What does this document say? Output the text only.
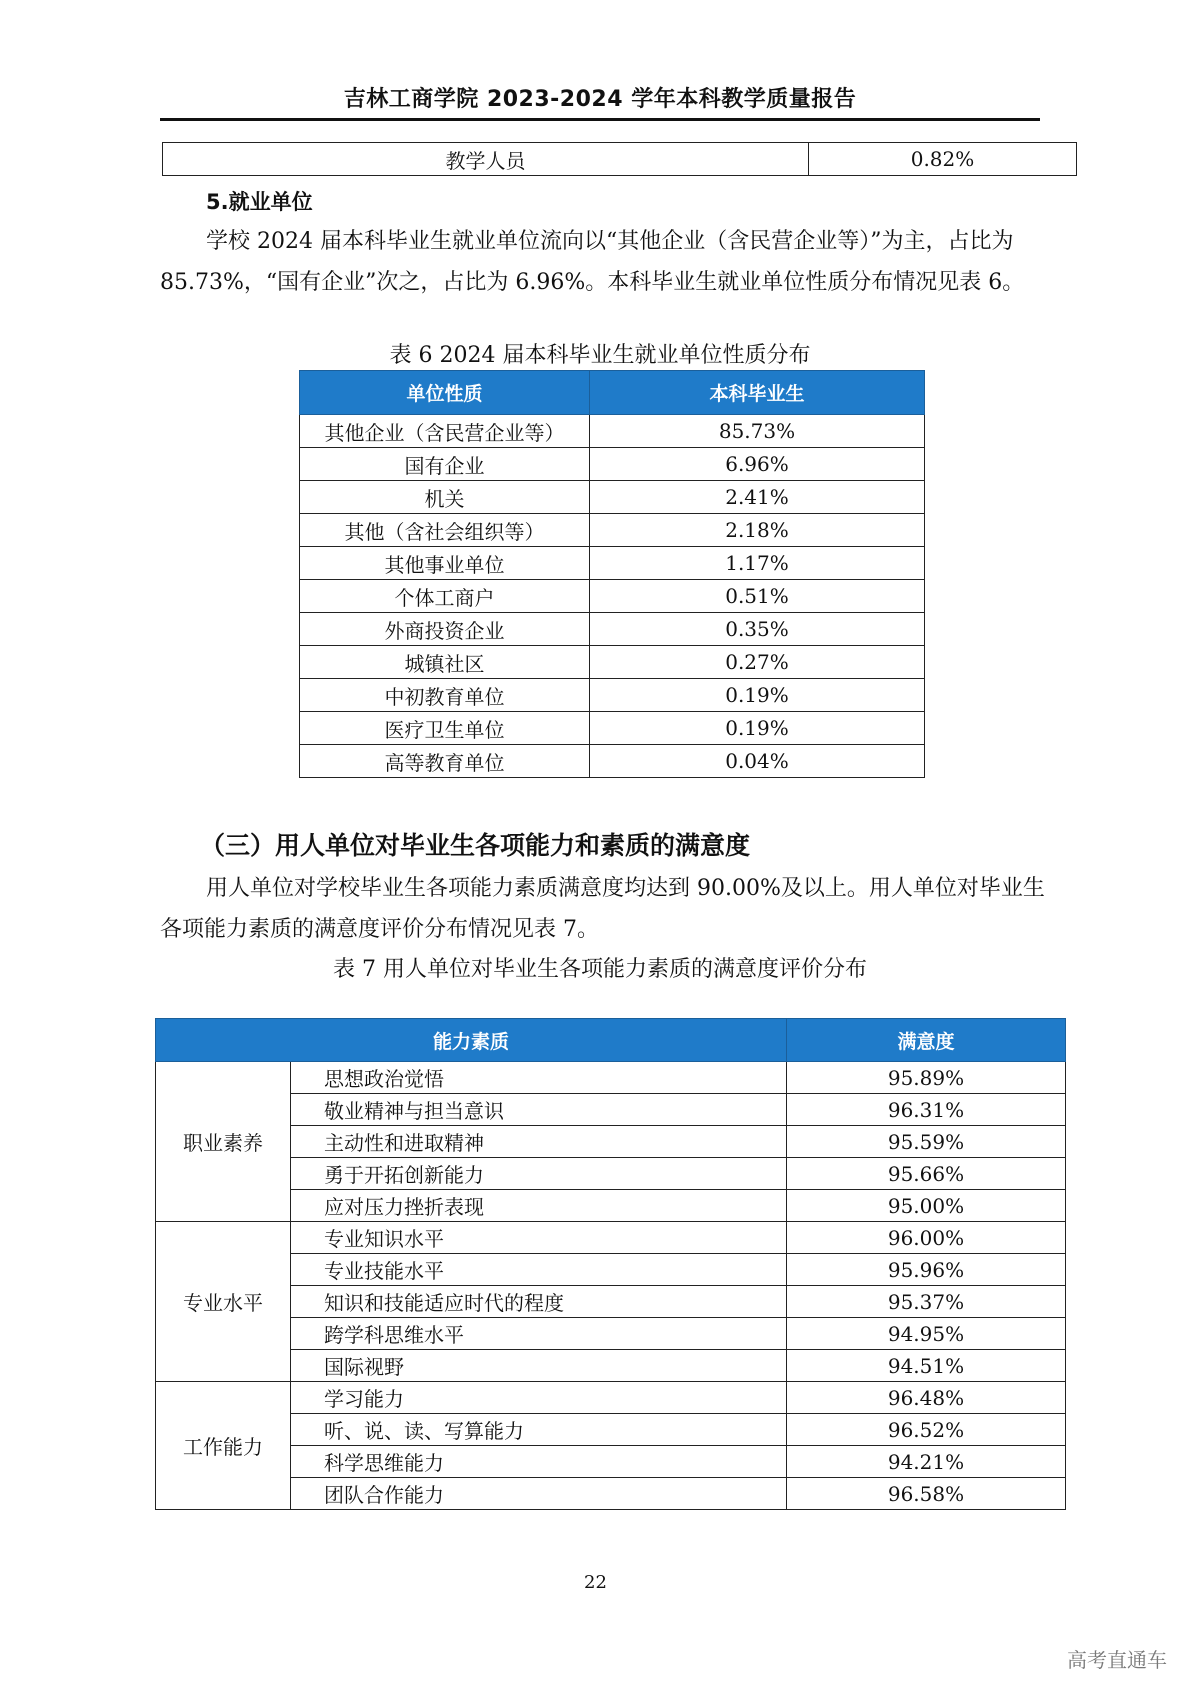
吉林工商学院 2023-2024 学年本科教学质量报告
教学人员	0.82%
5.就业单位

学校 2024 届本科毕业生就业单位流向以“其他企业（含民营企业等）”为主，占比为 85.73%，“国有企业”次之，占比为 6.96%。本科毕业生就业单位性质分布情况见表 6。

表 6 2024 届本科毕业生就业单位性质分布
单位性质	本科毕业生
其他企业（含民营企业等）	85.73%
国有企业	6.96%
机关	2.41%
其他（含社会组织等）	2.18%
其他事业单位	1.17%
个体工商户	0.51%
外商投资企业	0.35%
城镇社区	0.27%
中初教育单位	0.19%
医疗卫生单位	0.19%
高等教育单位	0.04%
（三）用人单位对毕业生各项能力和素质的满意度

用人单位对学校毕业生各项能力素质满意度均达到 90.00%及以上。用人单位对毕业生各项能力素质的满意度评价分布情况见表 7。

表 7 用人单位对毕业生各项能力素质的满意度评价分布
能力素质		满意度
职业素养	思想政治觉悟	95.89%
	敬业精神与担当意识	96.31%
	主动性和进取精神	95.59%
	勇于开拓创新能力	95.66%
	应对压力挫折表现	95.00%
专业水平	专业知识水平	96.00%
	专业技能水平	95.96%
	知识和技能适应时代的程度	95.37%
	跨学科思维水平	94.95%
	国际视野	94.51%
工作能力	学习能力	96.48%
	听、说、读、写算能力	96.52%
	科学思维能力	94.21%
	团队合作能力	96.58%
22
高考直通车
